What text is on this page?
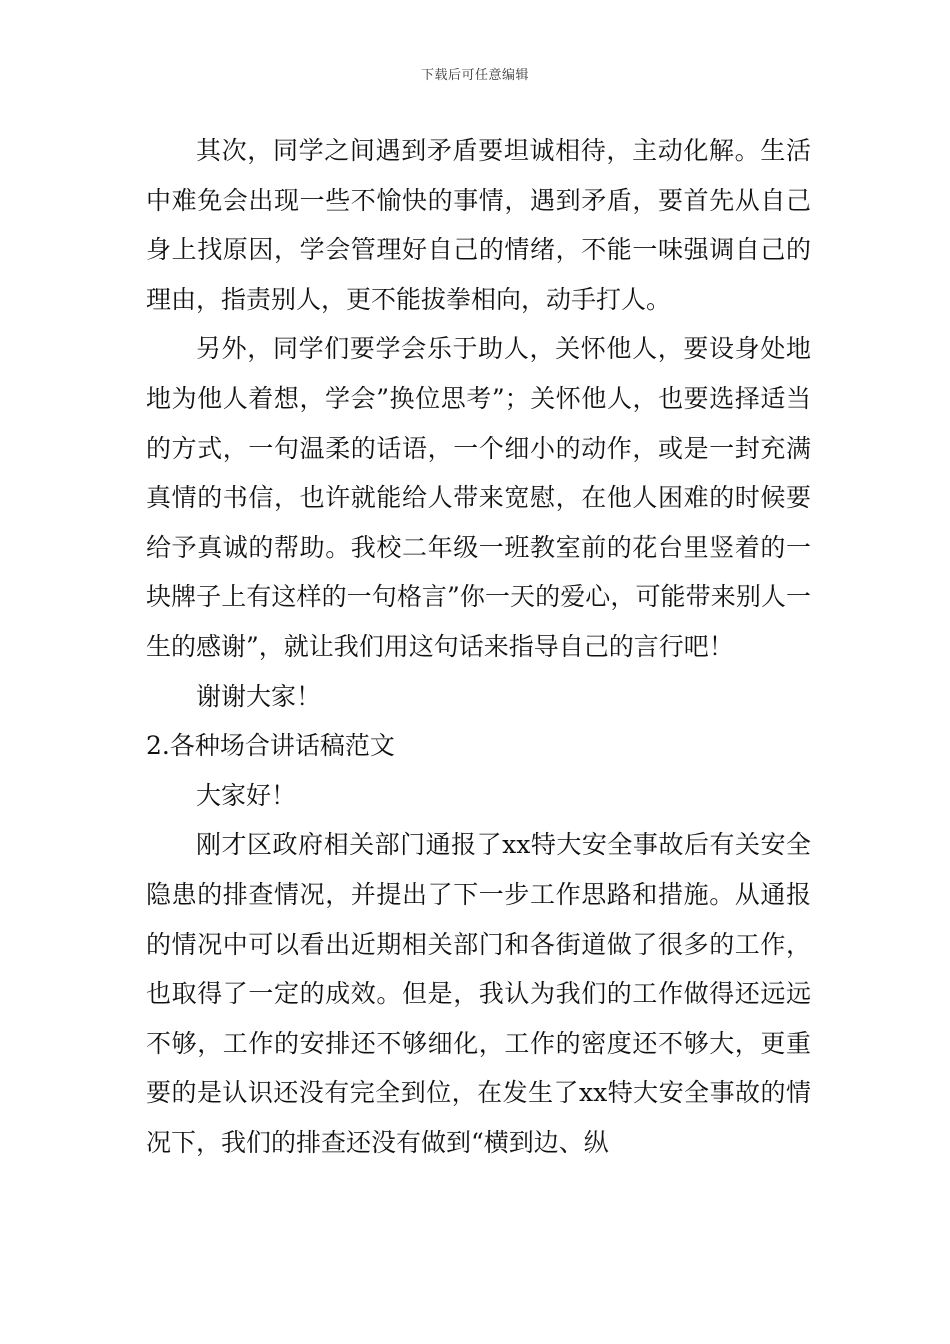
下载后可任意编辑

其次，同学之间遇到矛盾要坦诚相待，主动化解。生活中难免会出现一些不愉快的事情，遇到矛盾，要首先从自己身上找原因，学会管理好自己的情绪，不能一味强调自己的理由，指责别人，更不能拔拳相向，动手打人。

另外，同学们要学会乐于助人，关怀他人，要设身处地地为他人着想，学会”换位思考”；关怀他人，也要选择适当的方式，一句温柔的话语，一个细小的动作，或是一封充满真情的书信，也许就能给人带来宽慰，在他人困难的时候要给予真诚的帮助。我校二年级一班教室前的花台里竖着的一块牌子上有这样的一句格言”你一天的爱心，可能带来别人一生的感谢”，就让我们用这句话来指导自己的言行吧！

谢谢大家！

2.各种场合讲话稿范文

大家好！

刚才区政府相关部门通报了xx特大安全事故后有关安全隐患的排查情况，并提出了下一步工作思路和措施。从通报的情况中可以看出近期相关部门和各街道做了很多的工作，也取得了一定的成效。但是，我认为我们的工作做得还远远不够，工作的安排还不够细化，工作的密度还不够大，更重要的是认识还没有完全到位，在发生了xx特大安全事故的情况下，我们的排查还没有做到“横到边、纵
